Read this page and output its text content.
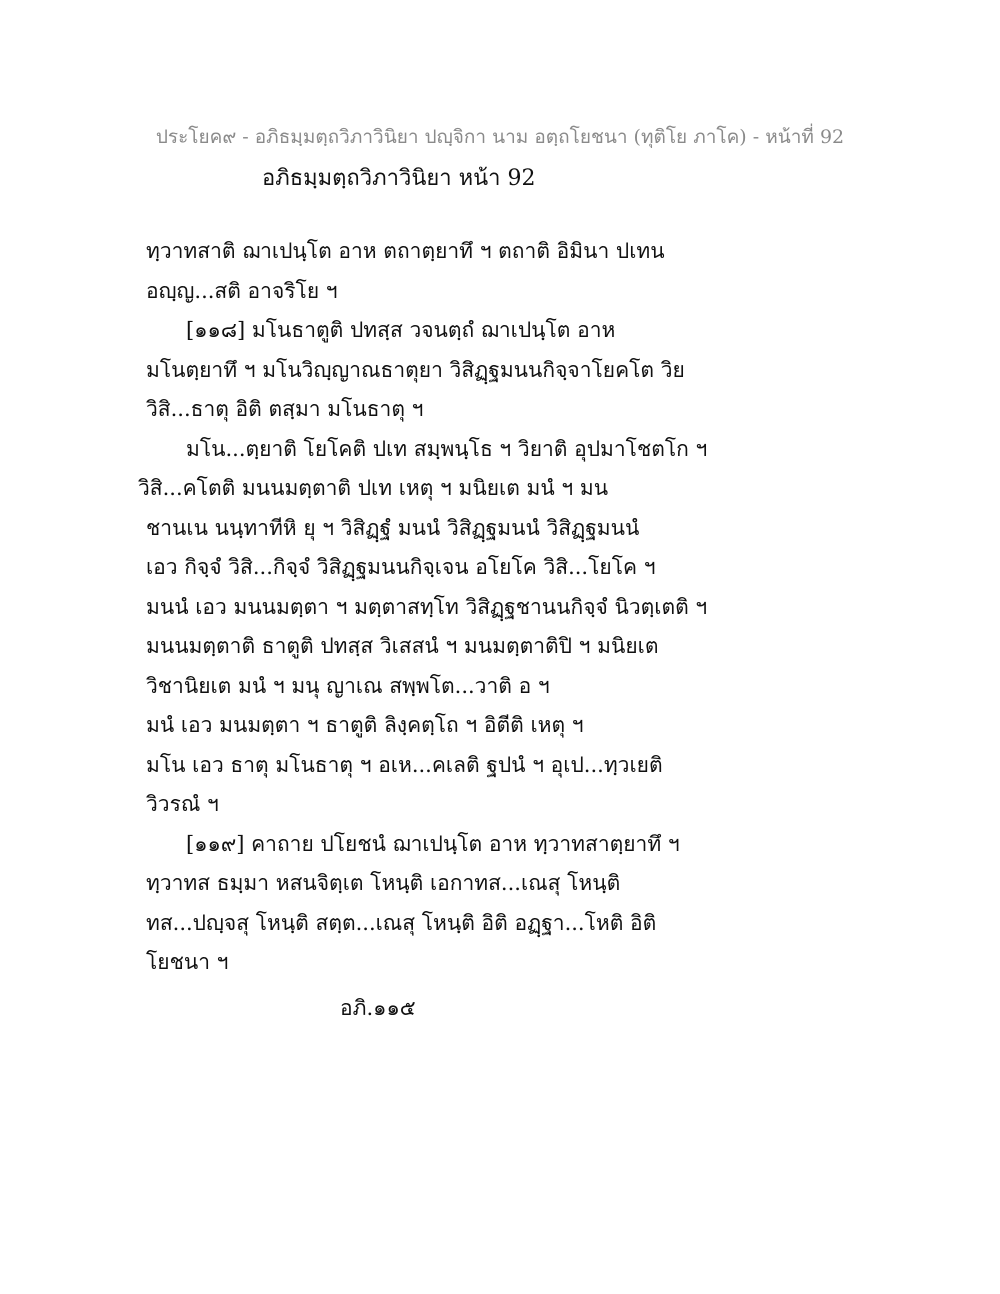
ประโยค๙ - อภิธมฺมตฺถวิภาวินิยา ปญฺจิกา นาม อตฺถโยชนา (ทุติโย ภาโค) - หน้าที่ 92
อภิธมฺมตฺถวิภาวินิยา หน้า 92
ทฺวาทสาติ ฌาเปนฺโต อาห ตถาตฺยาทึ ฯ ตถาติ อิมินา ปเทน
อญฺญ...สติ อาจริโย ฯ
[๑๑๘] มโนธาตูติ ปทสฺส วจนตฺถํ ฌาเปนฺโต อาห
มโนตฺยาทึ ฯ มโนวิญฺญาณธาตุยา วิสิฏฺฐมนนกิจฺจาโยคโต วิย
วิสิ...ธาตุ อิติ ตสฺมา มโนธาตุ ฯ
มโน...ตฺยาติ โยโคติ ปเท สมฺพนฺโธ ฯ วิยาติ อุปมาโชตโก ฯ
วิสิ...คโตติ มนนมตฺตาติ ปเท เหตุ ฯ มนิยเต มนํ ฯ มน
ชานเน นนฺทาทีหิ ยุ ฯ วิสิฏฺฐํ มนนํ วิสิฏฺฐมนนํ วิสิฏฺฐมนนํ
เอว กิจฺจํ วิสิ...กิจฺจํ วิสิฏฺฐมนนกิจฺเจน อโยโค วิสิ...โยโค ฯ
มนนํ เอว มนนมตฺตา ฯ มตฺตาสทฺโท วิสิฏฺฐชานนกิจฺจํ นิวตฺเตติ ฯ
มนนมตฺตาติ ธาตูติ ปทสฺส วิเสสนํ ฯ มนมตฺตาติปิ ฯ มนิยเต
วิชานิยเต มนํ ฯ มนุ ญาเณ สพฺพโต...วาติ อ ฯ
มนํ เอว มนมตฺตา ฯ ธาตูติ ลิงฺคตฺโถ ฯ อิตีติ เหตุ ฯ
มโน เอว ธาตุ มโนธาตุ ฯ อเห...คเลติ ฐปนํ ฯ อุเป...ทฺวเยติ
วิวรณํ ฯ
[๑๑๙] คาถาย ปโยชนํ ฌาเปนฺโต อาห ทฺวาทสาตฺยาทึ ฯ
ทฺวาทส ธมฺมา หสนจิตฺเต โหนฺติ เอกาทส...เณสุ โหนฺติ
ทส...ปญฺจสุ โหนฺติ สตฺต...เณสุ โหนฺติ อิติ อฏฺฐา...โหติ อิติ
โยชนา ฯ
อภิ.๑๑๕
